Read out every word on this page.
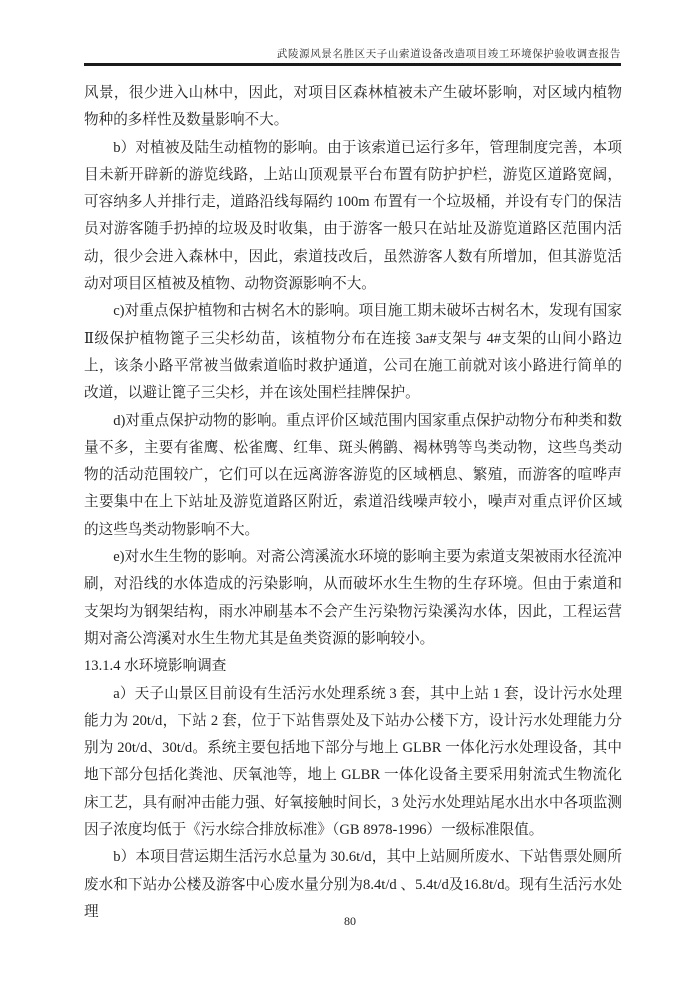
武陵源风景名胜区天子山索道设备改造项目竣工环境保护验收调查报告

风景，很少进入山林中，因此，对项目区森林植被未产生破坏影响，对区域内植物物种的多样性及数量影响不大。

b）对植被及陆生动植物的影响。由于该索道已运行多年，管理制度完善，本项目未新开辟新的游览线路，上站山顶观景平台布置有防护护栏，游览区道路宽阔，可容纳多人并排行走，道路沿线每隔约 100m 布置有一个垃圾桶，并设有专门的保洁员对游客随手扔掉的垃圾及时收集，由于游客一般只在站址及游览道路区范围内活动，很少会进入森林中，因此，索道技改后，虽然游客人数有所增加，但其游览活动对项目区植被及植物、动物资源影响不大。

c)对重点保护植物和古树名木的影响。项目施工期未破坏古树名木，发现有国家Ⅱ级保护植物篦子三尖杉幼苗，该植物分布在连接 3a#支架与 4#支架的山间小路边上，该条小路平常被当做索道临时救护通道，公司在施工前就对该小路进行简单的改道，以避让篦子三尖杉，并在该处围栏挂牌保护。

d)对重点保护动物的影响。重点评价区域范围内国家重点保护动物分布种类和数量不多，主要有雀鹰、松雀鹰、红隼、斑头鸺鹠、褐林鸮等鸟类动物，这些鸟类动物的活动范围较广，它们可以在远离游客游览的区域栖息、繁殖，而游客的喧哗声主要集中在上下站址及游览道路区附近，索道沿线噪声较小，噪声对重点评价区域的这些鸟类动物影响不大。

e)对水生生物的影响。对斋公湾溪流水环境的影响主要为索道支架被雨水径流冲刷，对沿线的水体造成的污染影响，从而破坏水生生物的生存环境。但由于索道和支架均为钢架结构，雨水冲刷基本不会产生污染物污染溪沟水体，因此，工程运营期对斋公湾溪对水生生物尤其是鱼类资源的影响较小。

13.1.4 水环境影响调查

a）天子山景区目前设有生活污水处理系统 3 套，其中上站 1 套，设计污水处理能力为 20t/d，下站 2 套，位于下站售票处及下站办公楼下方，设计污水处理能力分别为 20t/d、30t/d。系统主要包括地下部分与地上 GLBR 一体化污水处理设备，其中地下部分包括化粪池、厌氧池等，地上 GLBR 一体化设备主要采用射流式生物流化床工艺，具有耐冲击能力强、好氧接触时间长，3 处污水处理站尾水出水中各项监测因子浓度均低于《污水综合排放标准》（GB 8978-1996）一级标准限值。

b）本项目营运期生活污水总量为 30.6t/d，其中上站厕所废水、下站售票处厕所废水和下站办公楼及游客中心废水量分别为8.4t/d 、5.4t/d及16.8t/d。现有生活污水处理

80
